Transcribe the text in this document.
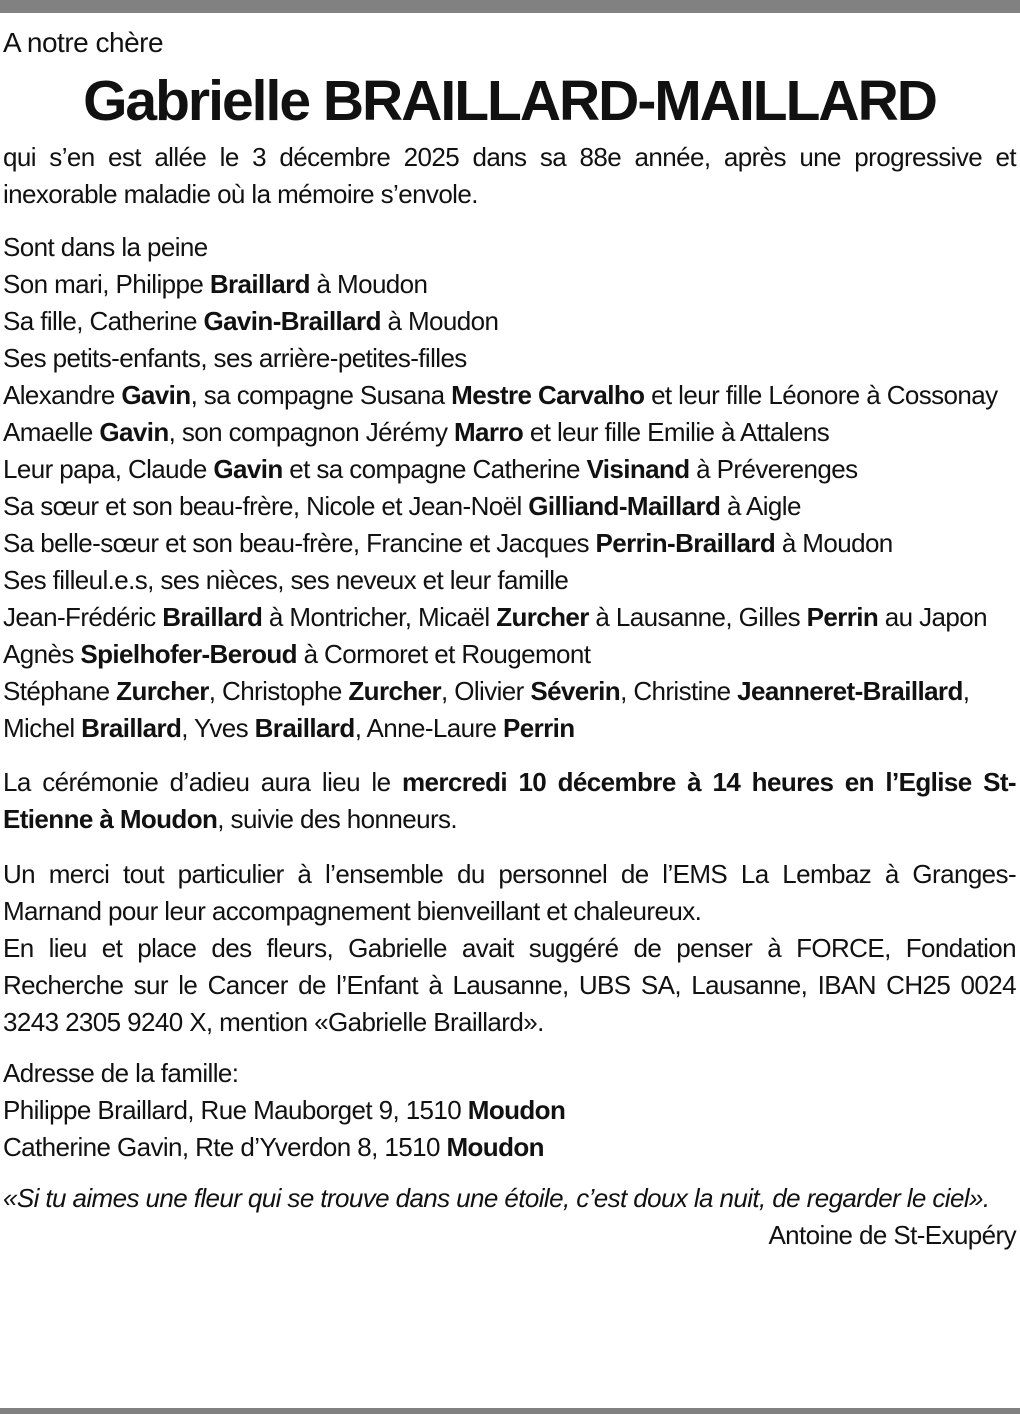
A notre chère

Gabrielle BRAILLARD-MAILLARD

qui s’en est allée le 3 décembre 2025 dans sa 88e année, après une progressive et inexorable maladie où la mémoire s’envole.

Sont dans la peine

Son mari, Philippe Braillard à Moudon

Sa fille, Catherine Gavin-Braillard à Moudon

Ses petits-enfants, ses arrière-petites-filles

Alexandre Gavin, sa compagne Susana Mestre Carvalho et leur fille Léonore à Cossonay

Amaelle Gavin, son compagnon Jérémy Marro et leur fille Emilie à Attalens

Leur papa, Claude Gavin et sa compagne Catherine Visinand à Préverenges

Sa sœur et son beau-frère, Nicole et Jean-Noël Gilliand-Maillard à Aigle

Sa belle-sœur et son beau-frère, Francine et Jacques Perrin-Braillard à Moudon

Ses filleul.e.s, ses nièces, ses neveux et leur famille

Jean-Frédéric Braillard à Montricher, Micaël Zurcher à Lausanne, Gilles Perrin au Japon

Agnès Spielhofer-Beroud à Cormoret et Rougemont

Stéphane Zurcher, Christophe Zurcher, Olivier Séverin, Christine Jeanneret-Braillard, Michel Braillard, Yves Braillard, Anne-Laure Perrin

La cérémonie d’adieu aura lieu le mercredi 10 décembre à 14 heures en l’Eglise St-Etienne à Moudon, suivie des honneurs.

Un merci tout particulier à l’ensemble du personnel de l’EMS La Lembaz à Granges-Marnand pour leur accompagnement bienveillant et chaleureux.

En lieu et place des fleurs, Gabrielle avait suggéré de penser à FORCE, Fondation Recherche sur le Cancer de l’Enfant à Lausanne, UBS SA, Lausanne, IBAN CH25 0024 3243 2305 9240 X, mention «Gabrielle Braillard».

Adresse de la famille:

Philippe Braillard, Rue Mauborget 9, 1510 Moudon

Catherine Gavin, Rte d’Yverdon 8, 1510 Moudon

«Si tu aimes une fleur qui se trouve dans une étoile, c’est doux la nuit, de regarder le ciel».

Antoine de St-Exupéry
